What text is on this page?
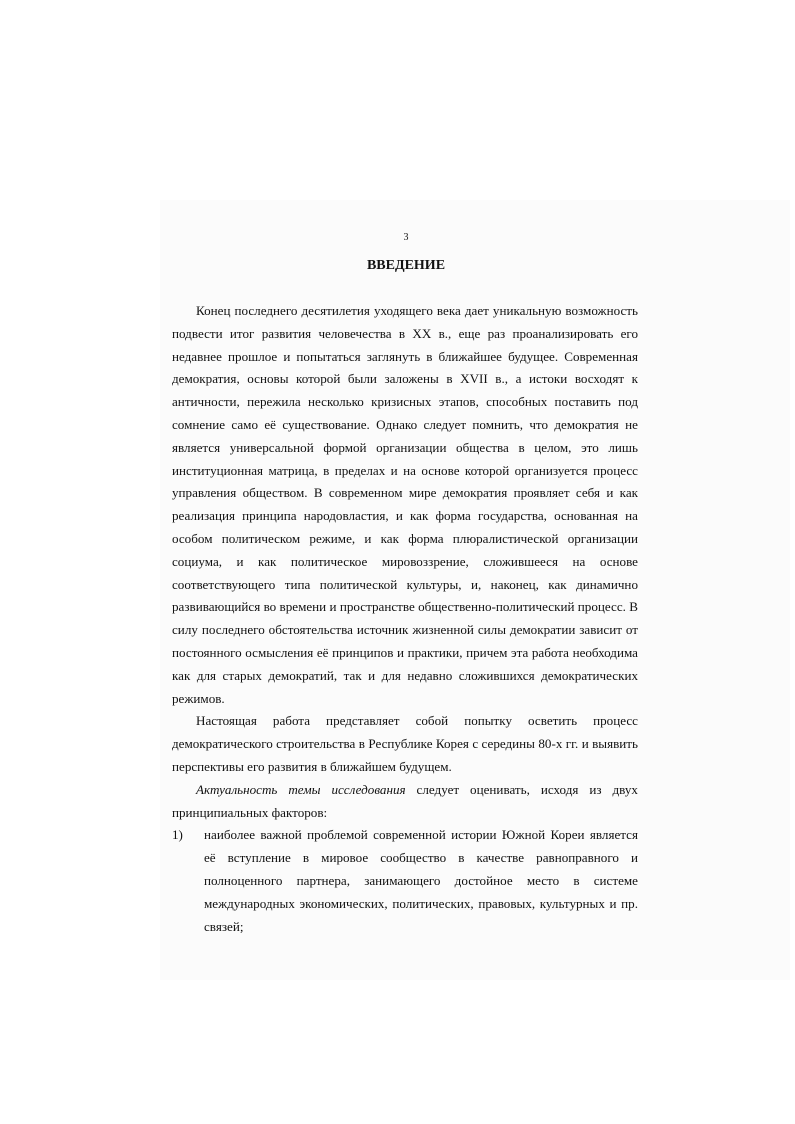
3
ВВЕДЕНИЕ

Конец последнего десятилетия уходящего века дает уникальную возможность подвести итог развития человечества в XX в., еще раз проанализировать его недавнее прошлое и попытаться заглянуть в ближайшее будущее. Современная демократия, основы которой были заложены в XVII в., а истоки восходят к античности, пережила несколько кризисных этапов, способных поставить под сомнение само её существование. Однако следует помнить, что демократия не является универсальной формой организации общества в целом, это лишь институционная матрица, в пределах и на основе которой организуется процесс управления обществом. В современном мире демократия проявляет себя и как реализация принципа народовластия, и как форма государства, основанная на особом политическом режиме, и как форма плюралистической организации социума, и как политическое мировоззрение, сложившееся на основе соответствующего типа политической культуры, и, наконец, как динамично развивающийся во времени и пространстве общественно-политический процесс. В силу последнего обстоятельства источник жизненной силы демократии зависит от постоянного осмысления её принципов и практики, причем эта работа необходима как для старых демократий, так и для недавно сложившихся демократических режимов.

Настоящая работа представляет собой попытку осветить процесс демократического строительства в Республике Корея с середины 80-х гг. и выявить перспективы его развития в ближайшем будущем.

Актуальность темы исследования следует оценивать, исходя из двух принципиальных факторов:

1) наиболее важной проблемой современной истории Южной Кореи является её вступление в мировое сообщество в качестве равноправного и полноценного партнера, занимающего достойное место в системе международных экономических, политических, правовых, культурных и пр. связей;
